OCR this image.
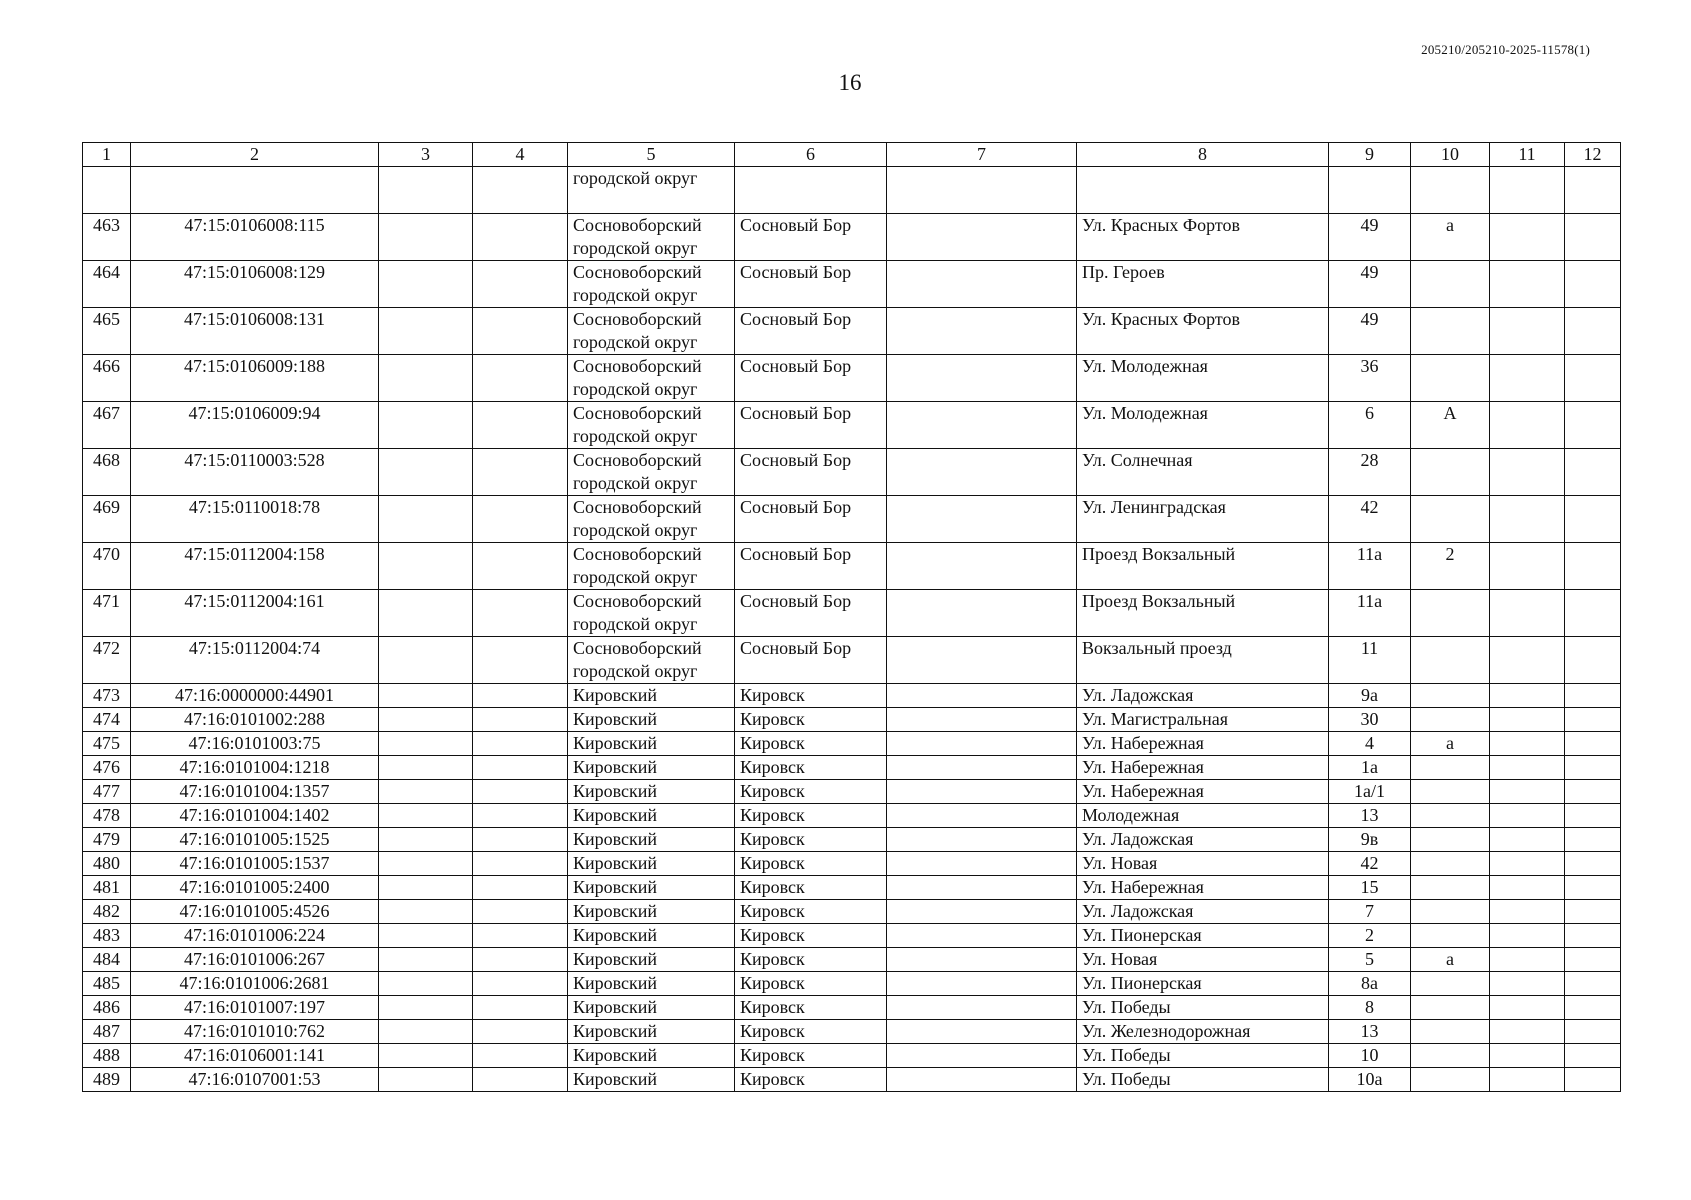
205210/205210-2025-11578(1)
16
1	2	3	4	5	6	7	8	9	10	11	12

				городской округ							

463	47:15:0106008:115			Сосновоборский
городской округ	Сосновый Бор		Ул. Красных Фортов	49	а		
464	47:15:0106008:129			Сосновоборский
городской округ	Сосновый Бор		Пр. Героев	49			
465	47:15:0106008:131			Сосновоборский
городской округ	Сосновый Бор		Ул. Красных Фортов	49			
466	47:15:0106009:188			Сосновоборский
городской округ	Сосновый Бор		Ул. Молодежная	36			
467	47:15:0106009:94			Сосновоборский
городской округ	Сосновый Бор		Ул. Молодежная	6	А		
468	47:15:0110003:528			Сосновоборский
городской округ	Сосновый Бор		Ул. Солнечная	28			
469	47:15:0110018:78			Сосновоборский
городской округ	Сосновый Бор		Ул. Ленинградская	42			
470	47:15:0112004:158			Сосновоборский
городской округ	Сосновый Бор		Проезд Вокзальный	11а	2		
471	47:15:0112004:161			Сосновоборский
городской округ	Сосновый Бор		Проезд Вокзальный	11а			
472	47:15:0112004:74			Сосновоборский
городской округ	Сосновый Бор		Вокзальный проезд	11			
473	47:16:0000000:44901			Кировский	Кировск		Ул. Ладожская	9а			
474	47:16:0101002:288			Кировский	Кировск		Ул. Магистральная	30			
475	47:16:0101003:75			Кировский	Кировск		Ул. Набережная	4	а		
476	47:16:0101004:1218			Кировский	Кировск		Ул. Набережная	1а			
477	47:16:0101004:1357			Кировский	Кировск		Ул. Набережная	1а/1			
478	47:16:0101004:1402			Кировский	Кировск		Молодежная	13			
479	47:16:0101005:1525			Кировский	Кировск		Ул. Ладожская	9в			
480	47:16:0101005:1537			Кировский	Кировск		Ул. Новая	42			
481	47:16:0101005:2400			Кировский	Кировск		Ул. Набережная	15			
482	47:16:0101005:4526			Кировский	Кировск		Ул. Ладожская	7			
483	47:16:0101006:224			Кировский	Кировск		Ул. Пионерская	2			
484	47:16:0101006:267			Кировский	Кировск		Ул. Новая	5	а		
485	47:16:0101006:2681			Кировский	Кировск		Ул. Пионерская	8а			
486	47:16:0101007:197			Кировский	Кировск		Ул. Победы	8			
487	47:16:0101010:762			Кировский	Кировск		Ул. Железнодорожная	13			
488	47:16:0106001:141			Кировский	Кировск		Ул. Победы	10			
489	47:16:0107001:53			Кировский	Кировск		Ул. Победы	10а			
